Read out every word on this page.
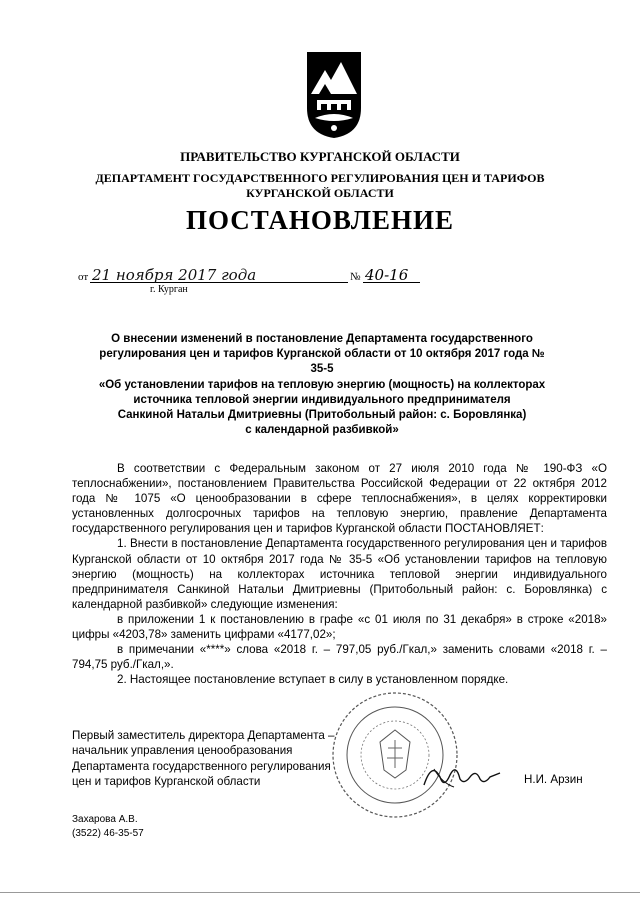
ПРАВИТЕЛЬСТВО КУРГАНСКОЙ ОБЛАСТИ
ДЕПАРТАМЕНТ ГОСУДАРСТВЕННОГО РЕГУЛИРОВАНИЯ ЦЕН И ТАРИФОВ
КУРГАНСКОЙ ОБЛАСТИ
ПОСТАНОВЛЕНИЕ
от 21 ноября 2017 года	№ 40-16
г. Курган
О внесении изменений в постановление Департамента государственного
регулирования цен и тарифов Курганской области от 10 октября 2017 года № 35-5
«Об установлении тарифов на тепловую энергию (мощность) на коллекторах
источника тепловой энергии индивидуального предпринимателя
Санкиной Натальи Дмитриевны (Притобольный район: с. Боровлянка)
с календарной разбивкой»

В соответствии с Федеральным законом от 27 июля 2010 года № 190-ФЗ «О теплоснабжении», постановлением Правительства Российской Федерации от 22 октября 2012 года № 1075 «О ценообразовании в сфере теплоснабжения», в целях корректировки установленных долгосрочных тарифов на тепловую энергию, правление Департамента государственного регулирования цен и тарифов Курганской области ПОСТАНОВЛЯЕТ:

1. Внести в постановление Департамента государственного регулирования цен и тарифов Курганской области от 10 октября 2017 года № 35-5 «Об установлении тарифов на тепловую энергию (мощность) на коллекторах источника тепловой энергии индивидуального предпринимателя Санкиной Натальи Дмитриевны (Притобольный район: с. Боровлянка) с календарной разбивкой» следующие изменения:

в приложении 1 к постановлению в графе «с 01 июля по 31 декабря» в строке «2018» цифры «4203,78» заменить цифрами «4177,02»;

в примечании «****» слова «2018 г. – 797,05 руб./Гкал,» заменить словами «2018 г. – 794,75 руб./Гкал,».

2. Настоящее постановление вступает в силу в установленном порядке.

Первый заместитель директора Департамента –
начальник управления ценообразования
Департамента государственного регулирования
цен и тарифов Курганской области	Н.И. Арзин
Захарова А.В.
(3522) 46-35-57
